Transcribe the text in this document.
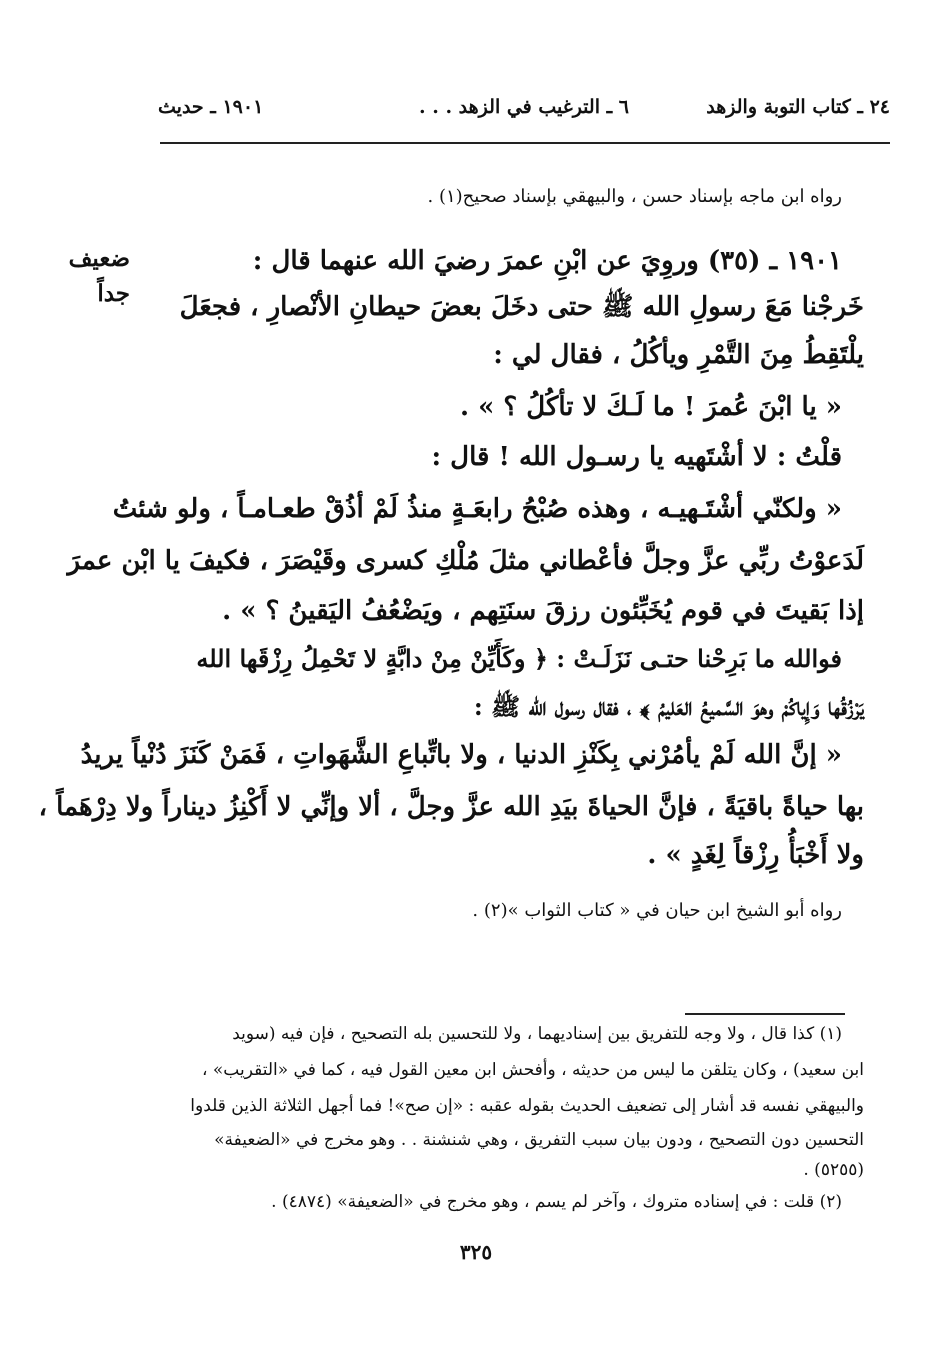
٢٤ ـ كتاب التوبة والزهد
٦ ـ الترغيب في الزهد . . .
١٩٠١ ـ حديث
رواه ابن ماجه بإسناد حسن ، والبيهقي بإسناد صحيح(١) .
ضعيف
جداً
١٩٠١ ـ (٣٥) وروِيَ عن ابْنِ عمرَ رضيَ الله عنهما قال :
خَرجْنا مَعَ رسولِ الله ﷺ حتى دخَلَ بعضَ حيطانِ الأنْصارِ ، فجعَلَ
يلْتَقِطُ مِنَ التَّمْرِ ويأكُلُ ، فقال لي :
« يا ابْنَ عُمرَ ! ما لَـكَ لا تأكُلُ ؟ » .
قلْتُ : لا أشْتَهيه يا رسـول الله ! قال :
« ولكنّي أشْتَـهيـه ، وهذه صُبْحُ رابعَـةٍ منذُ لَمْ أذُقْ طعـامـاً ، ولو شئتُ
لَدَعوْتُ ربِّي عزَّ وجلَّ فأعْطاني مثلَ مُلْكِ كسرى وقَيْصَرَ ، فكيفَ يا ابْن عمرَ
إذا بَقيتَ في قوم يُخَبِّئون رزقَ سنَتِهم ، ويَضْعُفُ اليَقينُ ؟ » .
فوالله ما بَرِحْنا حتـى نَزَلَـتْ : ﴿ وكَأَيِّنْ مِنْ دابَّةٍ لا تَحْمِلُ رِزْقَها الله
يَرْزُقُها وَإِياكُمْ وهوَ السَّميعُ العَليمُ ﴾ ، فقال رسول الله ﷺ :
« إنَّ الله لَمْ يأمُرْني بِكَنْزِ الدنيا ، ولا باتِّباعِ الشَّهَواتِ ، فَمَنْ كَنَزَ دُنْياً يريدُ
بها حياةً باقيَةً ، فإنَّ الحياةَ بيَدِ الله عزَّ وجلَّ ، ألا وإنِّي لا أَكْنِزُ ديناراً ولا دِرْهَماً ،
ولا أَخْبَأُ رِزْقاً لِغَدٍ » .
رواه أبو الشيخ ابن حيان في « كتاب الثواب »(٢) .
(١) كذا قال ، ولا وجه للتفريق بين إسناديهما ، ولا للتحسين بله التصحيح ، فإن فيه (سويد
ابن سعيد) ، وكان يتلقن ما ليس من حديثه ، وأفحش ابن معين القول فيه ، كما في «التقريب» ،
والبيهقي نفسه قد أشار إلى تضعيف الحديث بقوله عقبه : «إن صح»! فما أجهل الثلاثة الذين قلدوا
التحسين دون التصحيح ، ودون بيان سبب التفريق ، وهي شنشنة . . وهو مخرج في «الضعيفة»
(٥٢٥٥) .
(٢) قلت : في إسناده متروك ، وآخر لم يسم ، وهو مخرج في «الضعيفة» (٤٨٧٤) .
٣٢٥
